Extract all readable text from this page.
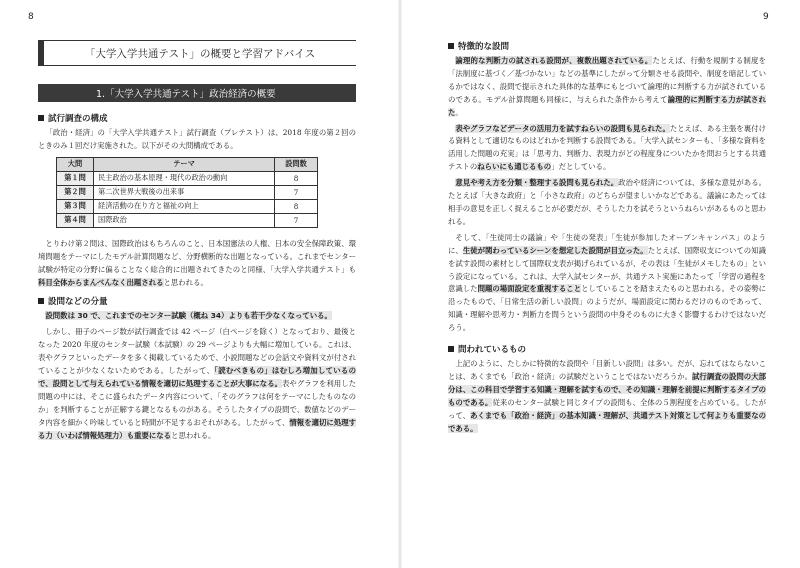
8	9
「大学入学共通テスト」の概要と学習アドバイス
1.「大学入学共通テスト」政治経済の概要
試行調査の構成

「政治・経済」の「大学入学共通テスト」試行調査（プレテスト）は、2018 年度の第２回のときのみ１回だけ実施された。以下がその大問構成である。

大問	テーマ	設問数
第１問	民主政治の基本原理・現代の政治の動向	8
第２問	第二次世界大戦後の出来事	7
第３問	経済活動の在り方と福祉の向上	8
第４問	国際政治	7

とりわけ第２問は、国際政治はもちろんのこと、日本国憲法の人権、日本の安全保障政策、環境問題をテーマにしたモデル計算問題など、分野横断的な出題となっている。これまでセンター試験が特定の分野に偏ることなく総合的に出題されてきたのと同様、「大学入学共通テスト」も科目全体からまんべんなく出題されると思われる。

設問などの分量

設問数は 30 で、これまでのセンター試験（概ね 34）よりも若干少なくなっている。

しかし、冊子のページ数が試行調査では 42 ページ（白ページを除く）となっており、最後となった 2020 年度のセンター試験（本試験）の 29 ページよりも大幅に増加している。これは、表やグラフといったデータを多く掲載しているためで、小説問題などの会話文や資料文が付されていることが少なくないためである。したがって、「読むべきもの」はむしろ増加しているので、設問として与えられている情報を適切に処理することが大事になる。表やグラフを利用した問題の中には、そこに盛られたデータ内容について、「そのグラフは何をテーマにしたものなのか」を判断することが正解する鍵となるものがある。そうしたタイプの設問で、数値などのデータ内容を細かく吟味していると時間が不足するおそれがある。したがって、情報を適切に処理する力（いわば情報処理力）も重要になると思われる。

特徴的な設問

論理的な判断力の試される設問が、複数出題されている。たとえば、行動を規制する制度を「法制度に基づく／基づかない」などの基準にしたがって分類させる設問や、制度を暗記しているかではなく、設問で提示された具体的な基準にもとづいて論理的に判断する力が試されているのである。モデル計算問題も同様に、与えられた条件から考えて論理的に判断する力が試された。

表やグラフなどデータの活用力を試すねらいの設問も見られた。たとえば、ある主張を裏付ける資料として適切なものはどれかを判断する設問である。「大学入試センターも、「多様な資料を活用した問題の充実」は「思考力、判断力、表現力がどの程度身についたかを問おうとする共通テストのねらいにも通じるもの」だとしている。

意見や考え方を分類・整理する設問も見られた。政治や経済については、多様な意見がある。たとえば「大きな政府」と「小さな政府」のどちらが望ましいかなどである。議論にあたっては相手の意見を正しく捉えることが必要だが、そうした力を試そうというねらいがあるものと思われる。

そして、「生徒同士の議論」や「生徒の発表」「生徒が参加したオープンキャンパス」のように、生徒が関わっているシーンを想定した設問が目立った。たとえば、国際収支についての知識を試す設問の素材として国際収支表が掲げられているが、その表は「生徒がメモしたもの」という設定になっている。これは、大学入試センターが、共通テスト実施にあたって「学習の過程を意識した問題の場面設定を重視することとしていることを踏まえたものと思われる。その姿勢に沿ったもので、「日常生活の新しい設問」のようだが、場面設定に関わるだけのものであって、知識・理解や思考力・判断力を問うという設問の中身そのものに大きく影響するわけではないだろう。

問われているもの

上記のように、たしかに特徴的な設問や「目新しい設問」は多い。だが、忘れてはならないことは、あくまでも「政治・経済」の試験だということではないだろうか。試行調査の設問の大部分は、この科目で学習する知識・理解を試すもので、その知識・理解を前提に判断するタイプのものである。従来のセンター試験と同じタイプの設問も、全体の５割程度を占めている。したがって、あくまでも「政治・経済」の基本知識・理解が、共通テスト対策として何よりも重要なのである。
